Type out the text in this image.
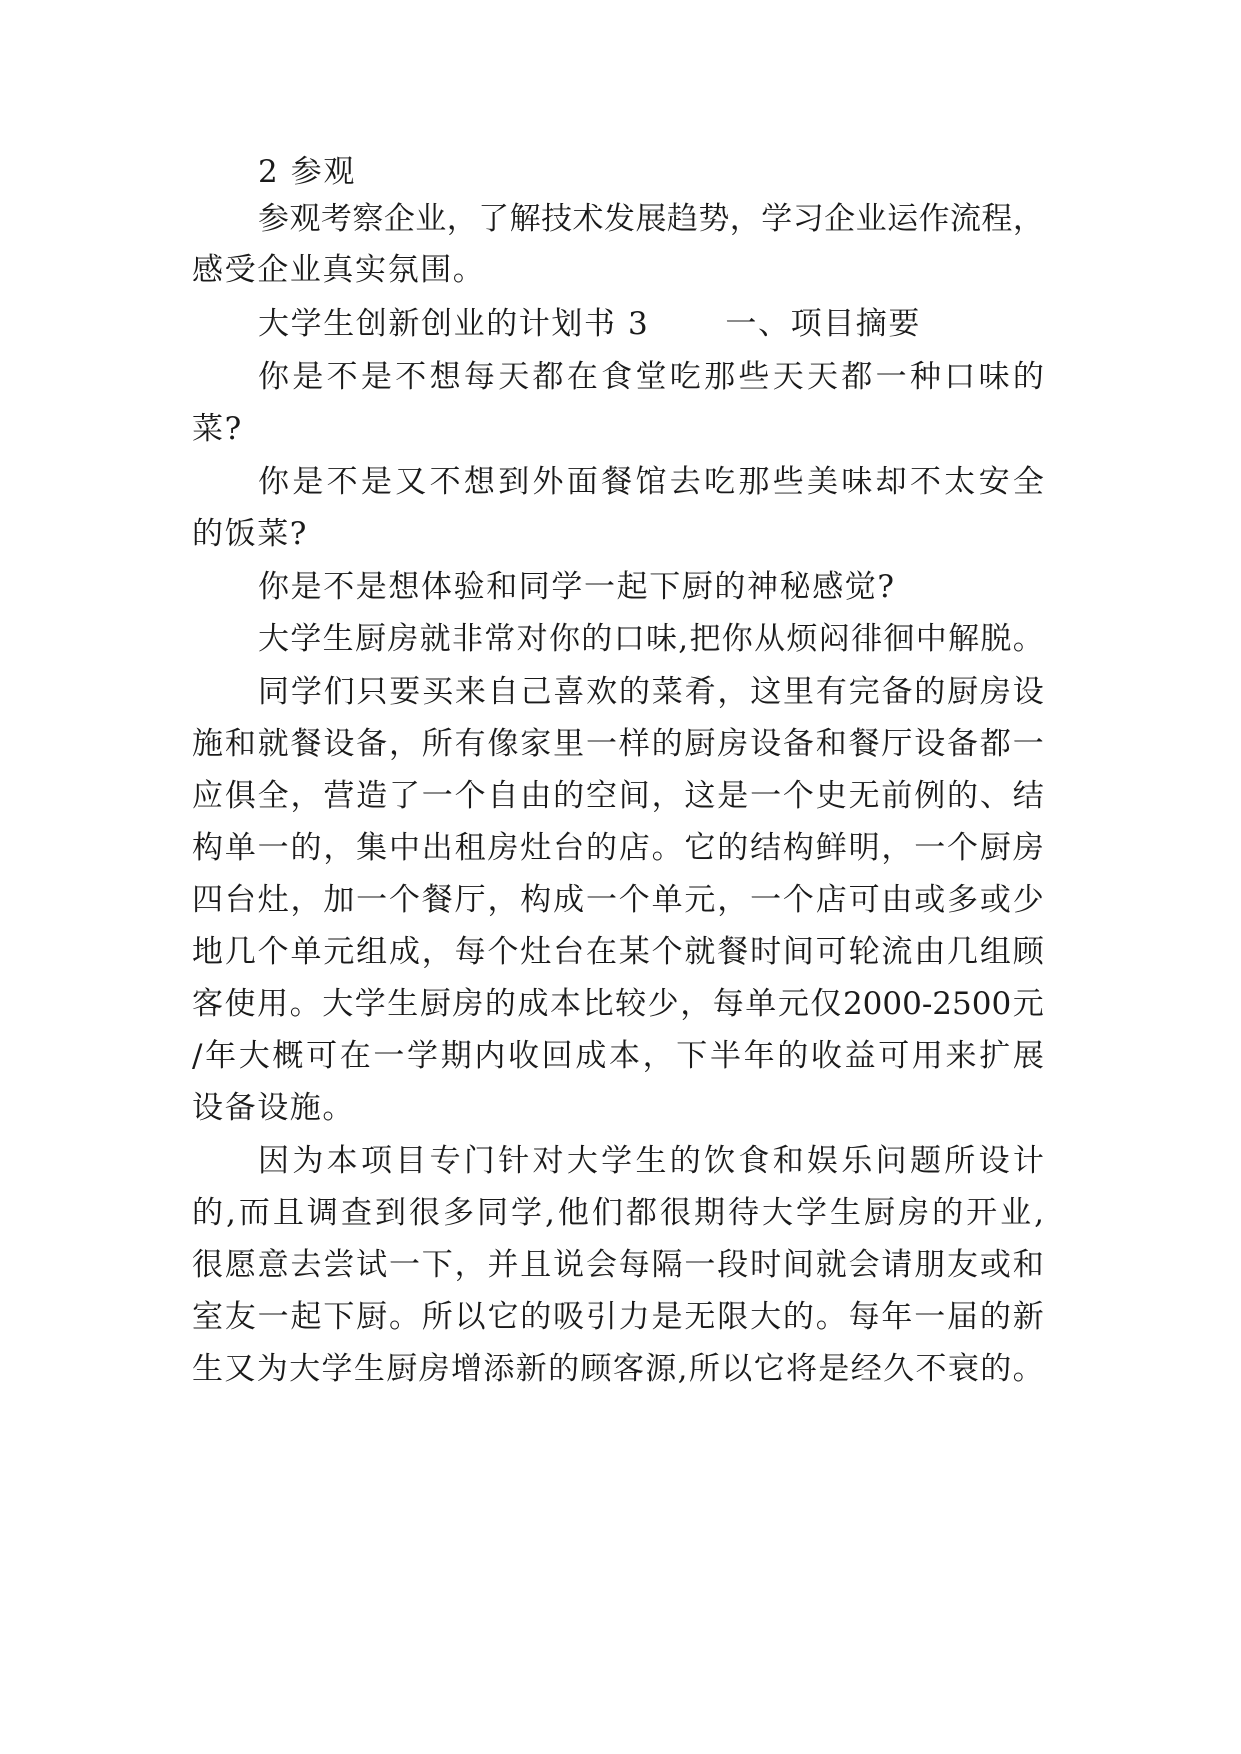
2 参观

参 观 考 察 企 业 ， 了 解 技 术 发 展 趋 势 ， 学 习 企 业 运 作 流 程 ，

感受企业真实氛围。

大学生创新创业的计划书 3 一、项目摘要

你 是 不 是 不 想 每 天 都 在 食 堂 吃 那 些 天 天 都 一 种 口 味 的

菜?

你 是 不 是 又 不 想 到 外 面 餐 馆 去 吃 那 些 美 味 却 不 太 安 全

的饭菜?

你是不是想体验和同学一起下厨的神秘感觉?

大 学 生 厨 房 就 非 常 对 你 的 口 味 , 把 你 从 烦 闷 徘 徊 中 解 脱 。

同 学 们 只 要 买 来 自 己 喜 欢 的 菜 肴 ， 这 里 有 完 备 的 厨 房 设

施 和 就 餐 设 备 ， 所 有 像 家 里 一 样 的 厨 房 设 备 和 餐 厅 设 备 都 一

应 俱 全 ， 营 造 了 一 个 自 由 的 空 间 ， 这 是 一 个 史 无 前 例 的 、 结

构 单 一 的 ， 集 中 出 租 房 灶 台 的 店 。 它 的 结 构 鲜 明 ， 一 个 厨 房

四 台 灶 ， 加 一 个 餐 厅 ， 构 成 一 个 单 元 ， 一 个 店 可 由 或 多 或 少

地 几 个 单 元 组 成 ， 每 个 灶 台 在 某 个 就 餐 时 间 可 轮 流 由 几 组 顾

客 使 用 。 大 学 生 厨 房 的 成 本 比 较 少 ， 每 单 元 仅 2000-2500 元

/ 年 大 概 可 在 一 学 期 内 收 回 成 本 ， 下 半 年 的 收 益 可 用 来 扩 展

设备设施。

因 为 本 项 目 专 门 针 对 大 学 生 的 饮 食 和 娱 乐 问 题 所 设 计

的 , 而 且 调 查 到 很 多 同 学 , 他 们 都 很 期 待 大 学 生 厨 房 的 开 业 ,

很 愿 意 去 尝 试 一 下 ， 并 且 说 会 每 隔 一 段 时 间 就 会 请 朋 友 或 和

室 友 一 起 下 厨 。 所 以 它 的 吸 引 力 是 无 限 大 的 。 每 年 一 届 的 新

生 又 为 大 学 生 厨 房 增 添 新 的 顾 客 源 , 所 以 它 将 是 经 久 不 衰 的 。
